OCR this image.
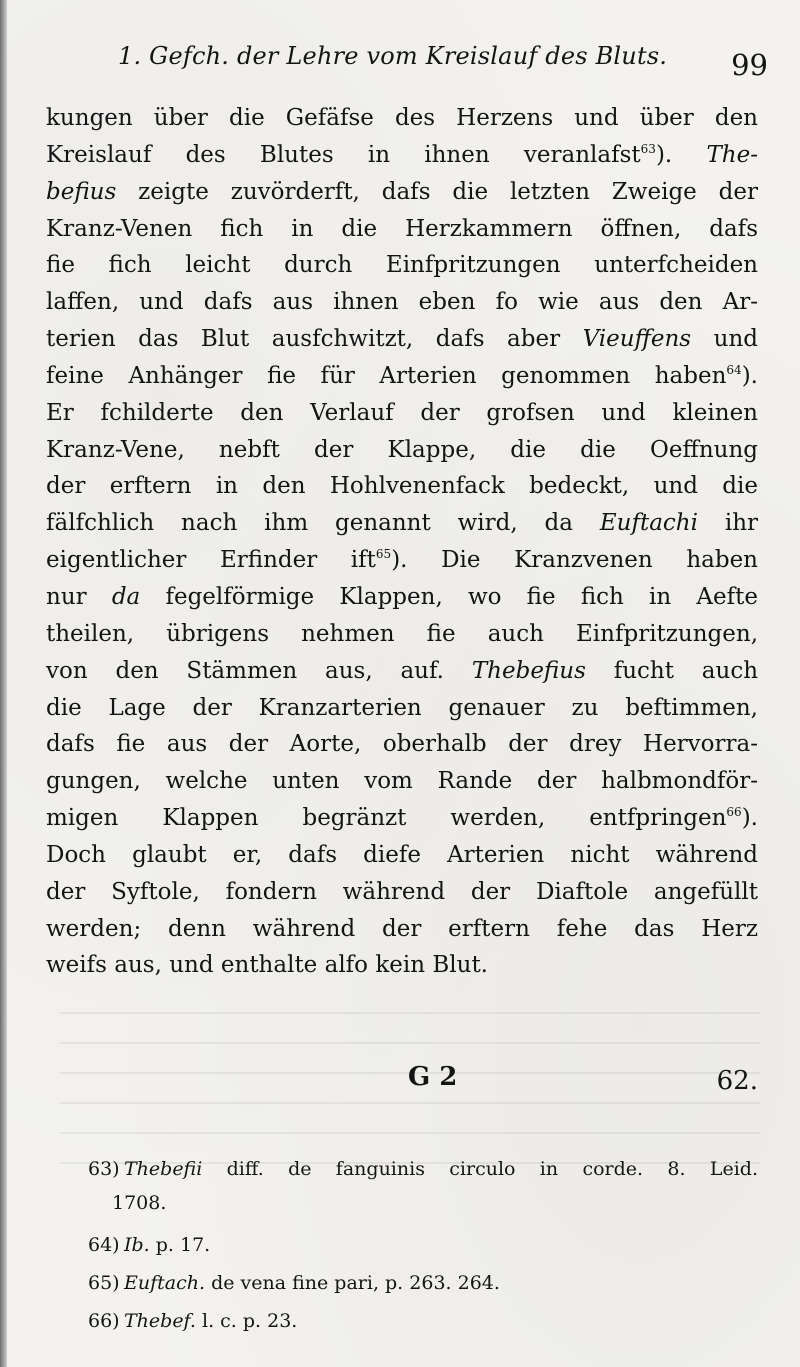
1. Gefch. der Lehre vom Kreislauf des Bluts. 99
kungen über die Gefäfse des Herzens und über den
Kreislauf des Blutes in ihnen veranlafst$^{63}$). The-
befius zeigte zuvörderft, dafs die letzten Zweige der
Kranz-Venen fich in die Herzkammern öffnen, dafs
fie fich leicht durch Einfpritzungen unterfcheiden
laffen, und dafs aus ihnen eben fo wie aus den Ar-
terien das Blut ausfchwitzt, dafs aber Vieuffens und
feine Anhänger fie für Arterien genommen haben$^{64}$).
Er fchilderte den Verlauf der grofsen und kleinen
Kranz-Vene, nebft der Klappe, die die Oeffnung
der erftern in den Hohlvenenfack bedeckt, und die
fälfchlich nach ihm genannt wird, da Euftachi ihr
eigentlicher Erfinder ift$^{65}$). Die Kranzvenen haben
nur da fegelförmige Klappen, wo fie fich in Aefte
theilen, übrigens nehmen fie auch Einfpritzungen,
von den Stämmen aus, auf. Thebefius fucht auch
die Lage der Kranzarterien genauer zu beftimmen,
dafs fie aus der Aorte, oberhalb der drey Hervorra-
gungen, welche unten vom Rande der halbmondför-
migen Klappen begränzt werden, entfpringen$^{66}$).
Doch glaubt er, dafs diefe Arterien nicht während
der Syftole, fondern während der Diaftole angefüllt
werden; denn während der erftern fehe das Herz
weifs aus, und enthalte alfo kein Blut.
G 2	62.
63) Thebefii diff. de fanguinis circulo in corde. 8. Leid.
1708.
64) Ib. p. 17.
65) Euftach. de vena fine pari, p. 263. 264.
66) Thebef. l. c. p. 23.
